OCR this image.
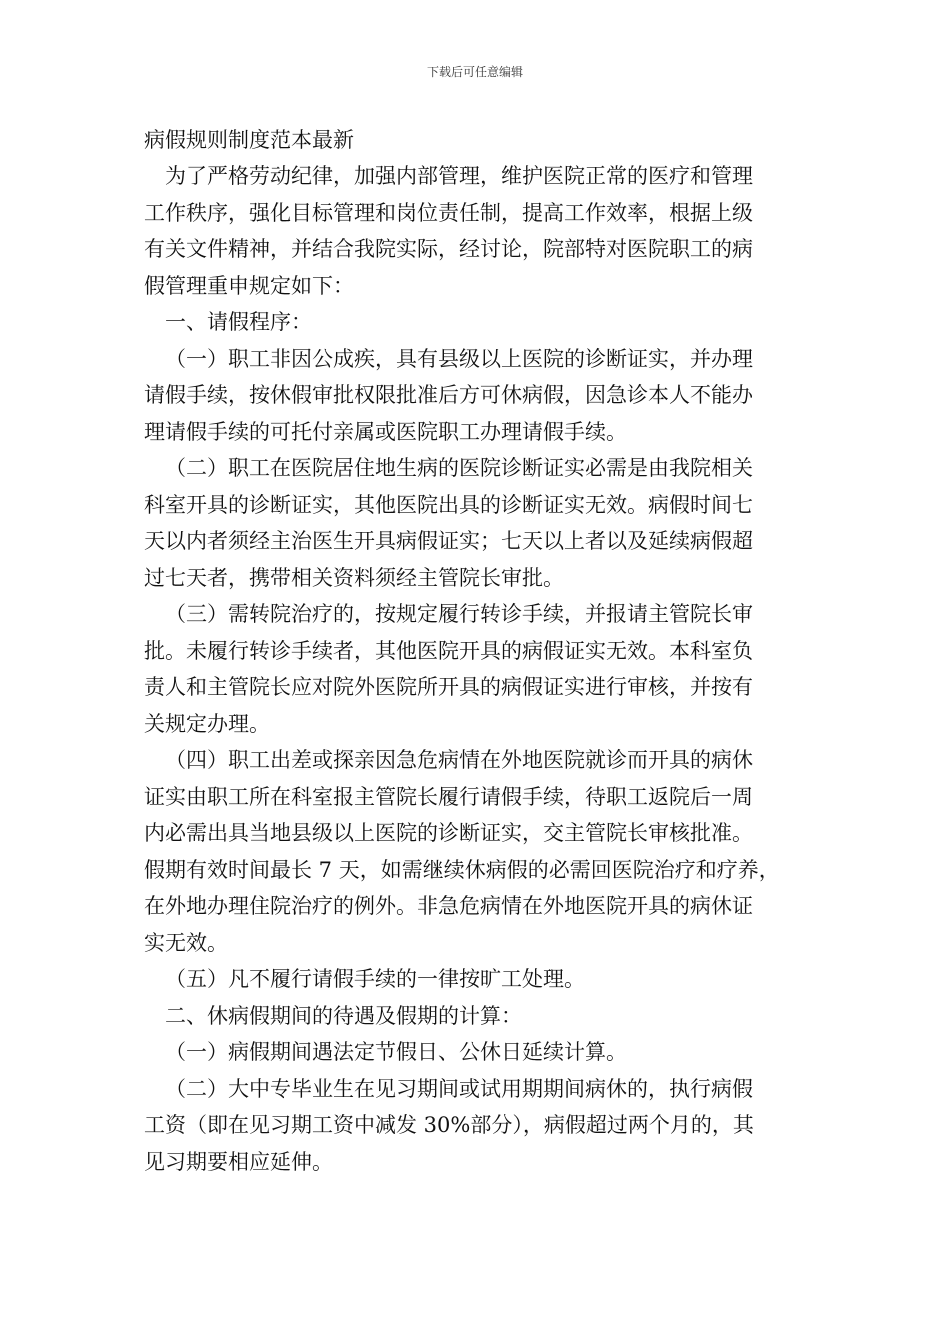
下载后可任意编辑
病假规则制度范本最新
为了严格劳动纪律，加强内部管理，维护医院正常的医疗和管理
工作秩序，强化目标管理和岗位责任制，提高工作效率，根据上级
有关文件精神，并结合我院实际，经讨论，院部特对医院职工的病
假管理重申规定如下：
一、请假程序：
（一）职工非因公成疾，具有县级以上医院的诊断证实，并办理
请假手续，按休假审批权限批准后方可休病假，因急诊本人不能办
理请假手续的可托付亲属或医院职工办理请假手续。
（二）职工在医院居住地生病的医院诊断证实必需是由我院相关
科室开具的诊断证实，其他医院出具的诊断证实无效。病假时间七
天以内者须经主治医生开具病假证实；七天以上者以及延续病假超
过七天者，携带相关资料须经主管院长审批。
（三）需转院治疗的，按规定履行转诊手续，并报请主管院长审
批。未履行转诊手续者，其他医院开具的病假证实无效。本科室负
责人和主管院长应对院外医院所开具的病假证实进行审核，并按有
关规定办理。
（四）职工出差或探亲因急危病情在外地医院就诊而开具的病休
证实由职工所在科室报主管院长履行请假手续，待职工返院后一周
内必需出具当地县级以上医院的诊断证实，交主管院长审核批准。
假期有效时间最长 7 天，如需继续休病假的必需回医院治疗和疗养，
在外地办理住院治疗的例外。非急危病情在外地医院开具的病休证
实无效。
（五）凡不履行请假手续的一律按旷工处理。
二、休病假期间的待遇及假期的计算：
（一）病假期间遇法定节假日、公休日延续计算。
（二）大中专毕业生在见习期间或试用期期间病休的，执行病假
工资（即在见习期工资中减发 30%部分），病假超过两个月的，其
见习期要相应延伸。
